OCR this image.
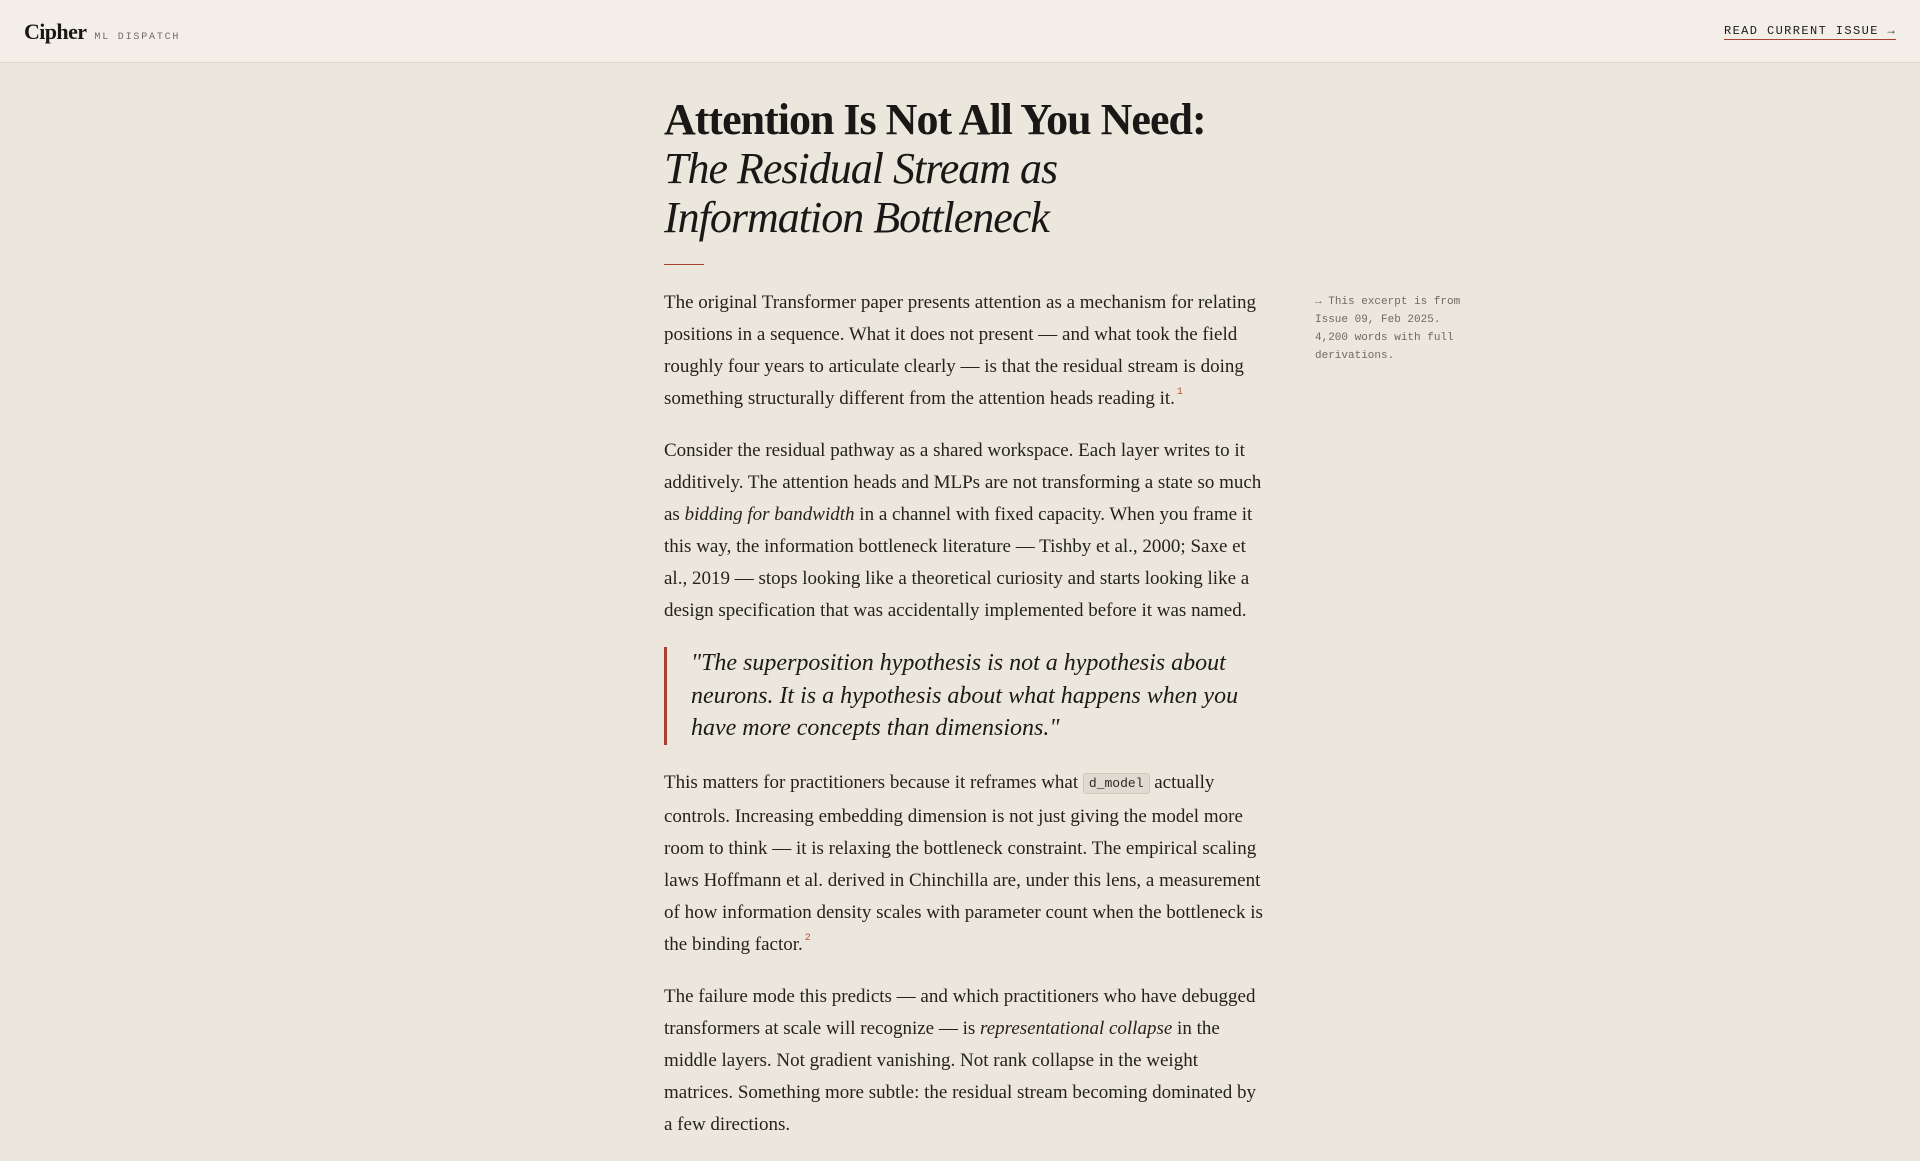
Cipher ML DISPATCH	READ CURRENT ISSUE →
Attention Is Not All You Need:
The Residual Stream as
Information Bottleneck

The original Transformer paper presents attention as a mechanism for relating positions in a sequence. What it does not present — and what took the field roughly four years to articulate clearly — is that the residual stream is doing something structurally different from the attention heads reading it. $^1$

Consider the residual pathway as a shared workspace. Each layer writes to it additively. The attention heads and MLPs are not transforming a state so much as bidding for bandwidth in a channel with fixed capacity. When you frame it this way, the information bottleneck literature — Tishby et al., 2000; Saxe et al., 2019 — stops looking like a theoretical curiosity and starts looking like a design specification that was accidentally implemented before it was named.

"The superposition hypothesis is not a hypothesis about neurons. It is a hypothesis about what happens when you have more concepts than dimensions."

This matters for practitioners because it reframes what d_model actually controls. Increasing embedding dimension is not just giving the model more room to think — it is relaxing the bottleneck constraint. The empirical scaling laws Hoffmann et al. derived in Chinchilla are, under this lens, a measurement of how information density scales with parameter count when the bottleneck is the binding factor. $^2$

The failure mode this predicts — and which practitioners who have debugged transformers at scale will recognize — is representational collapse in the middle layers. Not gradient vanishing. Not rank collapse in the weight matrices. Something more subtle: the residual stream becoming dominated by a few directions.

→ This excerpt is from Issue 09, Feb 2025. 4,200 words with full derivations.
